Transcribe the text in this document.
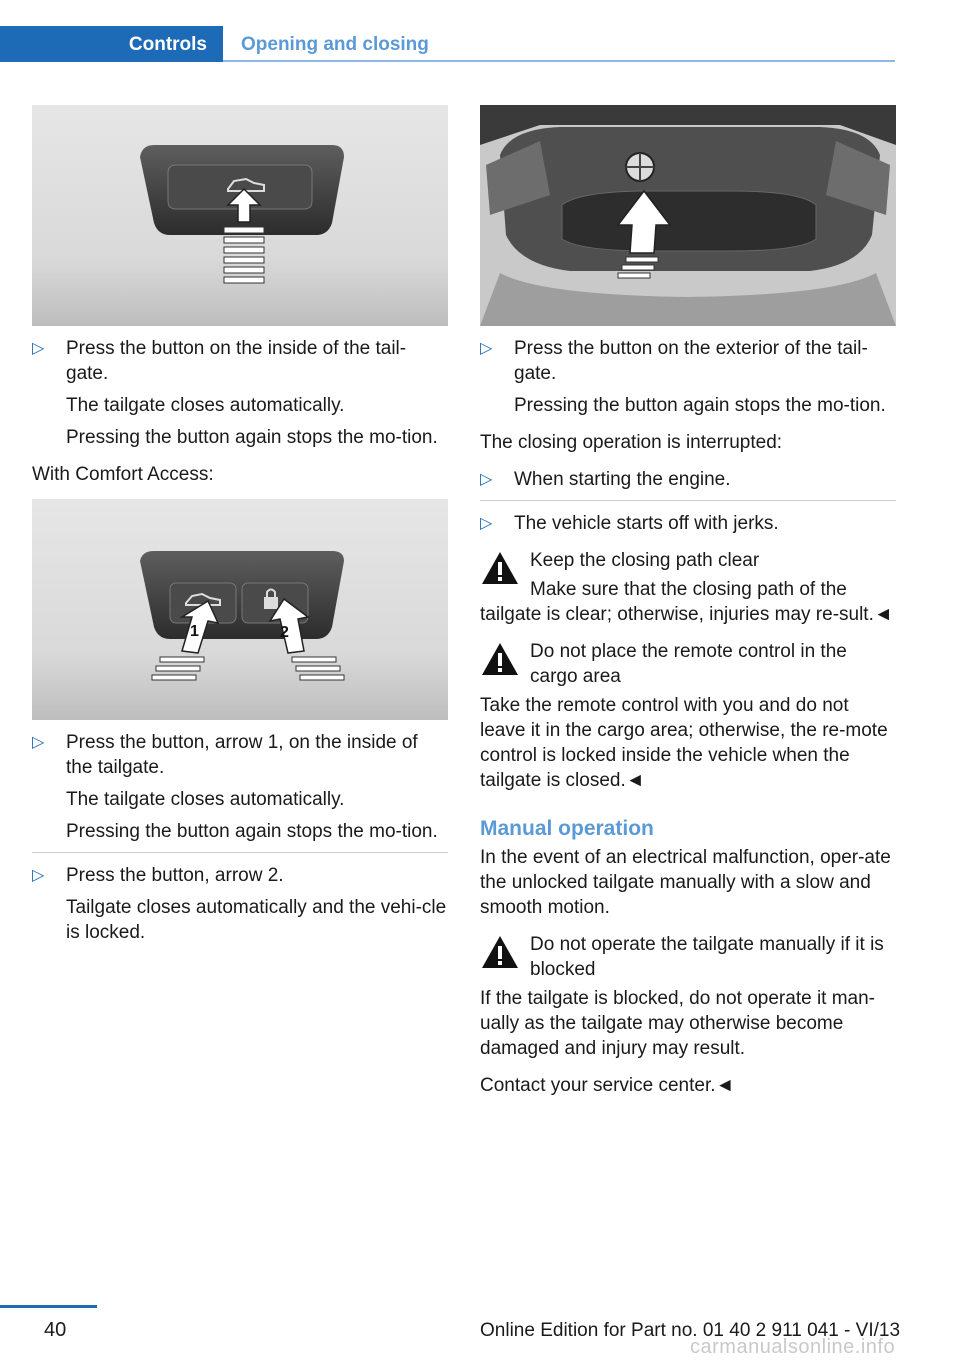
Controls	Opening and closing
▷ Press the button on the inside of the tail-gate.

The tailgate closes automatically.

Pressing the button again stops the mo-tion.

With Comfort Access:

1	2
▷ Press the button, arrow 1, on the inside of the tailgate.

The tailgate closes automatically.

Pressing the button again stops the mo-tion.

▷ Press the button, arrow 2.

Tailgate closes automatically and the vehi-cle is locked.

▷ Press the button on the exterior of the tail-gate.

Pressing the button again stops the mo-tion.

The closing operation is interrupted:

▷ When starting the engine.

▷ The vehicle starts off with jerks.

Keep the closing path clear

Make sure that the closing path of the tailgate is clear; otherwise, injuries may re-sult.◄

Do not place the remote control in the cargo area

Take the remote control with you and do not leave it in the cargo area; otherwise, the re-mote control is locked inside the vehicle when the tailgate is closed.◄

Manual operation

In the event of an electrical malfunction, oper-ate the unlocked tailgate manually with a slow and smooth motion.

Do not operate the tailgate manually if it is blocked

If the tailgate is blocked, do not operate it man-ually as the tailgate may otherwise become damaged and injury may result.

Contact your service center.◄

40	Online Edition for Part no. 01 40 2 911 041 - VI/13
carmanualsonline.info
